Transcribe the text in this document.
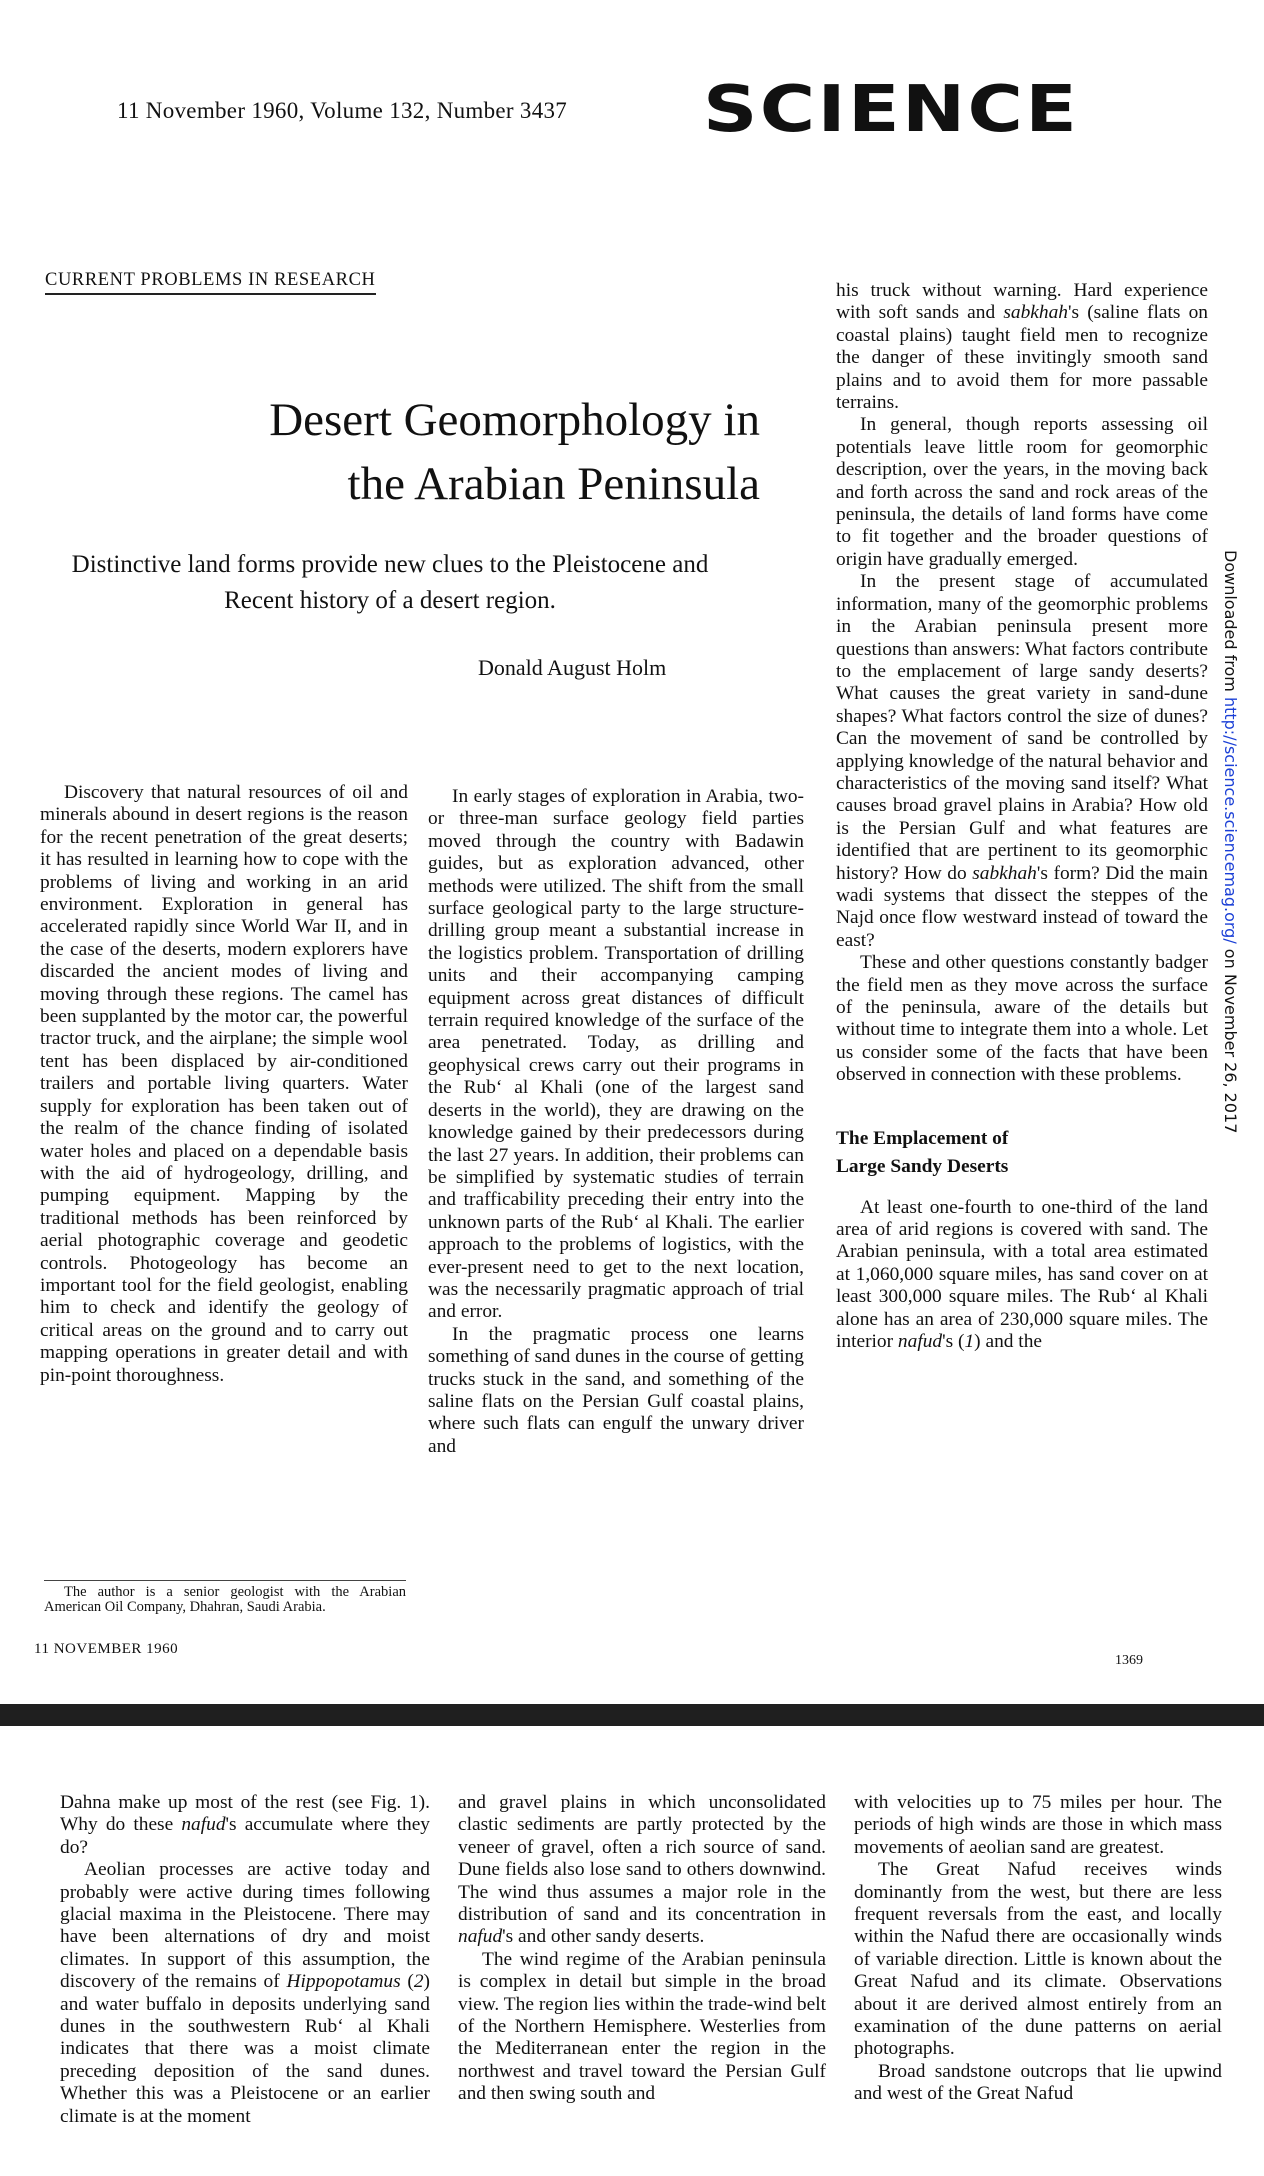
11 November 1960, Volume 132, Number 3437 SCIENCE
CURRENT PROBLEMS IN RESEARCH
Desert Geomorphology in
the Arabian Peninsula
Distinctive land forms provide new clues to the Pleistocene and Recent history of a desert region.
Donald August Holm

Discovery that natural resources of oil and minerals abound in desert regions is the reason for the recent penetration of the great deserts; it has resulted in learning how to cope with the problems of living and working in an arid environment. Exploration in general has accelerated rapidly since World War II, and in the case of the deserts, modern explorers have discarded the ancient modes of living and moving through these regions. The camel has been supplanted by the motor car, the powerful tractor truck, and the airplane; the simple wool tent has been displaced by air-conditioned trailers and portable living quarters. Water supply for exploration has been taken out of the realm of the chance finding of isolated water holes and placed on a dependable basis with the aid of hydrogeology, drilling, and pumping equipment. Mapping by the traditional methods has been reinforced by aerial photographic coverage and geodetic controls. Photogeology has become an important tool for the field geologist, enabling him to check and identify the geology of critical areas on the ground and to carry out mapping operations in greater detail and with pin-point thoroughness.

The author is a senior geologist with the Arabian American Oil Company, Dhahran, Saudi Arabia.
11 NOVEMBER 1960

In early stages of exploration in Arabia, two- or three-man surface geology field parties moved through the country with Badawin guides, but as exploration advanced, other methods were utilized. The shift from the small surface geological party to the large structure-drilling group meant a substantial increase in the logistics problem. Transportation of drilling units and their accompanying camping equipment across great distances of difficult terrain required knowledge of the surface of the area penetrated. Today, as drilling and geophysical crews carry out their programs in the Rub‘ al Khali (one of the largest sand deserts in the world), they are drawing on the knowledge gained by their predecessors during the last 27 years. In addition, their problems can be simplified by systematic studies of terrain and trafficability preceding their entry into the unknown parts of the Rub‘ al Khali. The earlier approach to the problems of logistics, with the ever-present need to get to the next location, was the necessarily pragmatic approach of trial and error.

In the pragmatic process one learns something of sand dunes in the course of getting trucks stuck in the sand, and something of the saline flats on the Persian Gulf coastal plains, where such flats can engulf the unwary driver and

his truck without warning. Hard experience with soft sands and sabkhah's (saline flats on coastal plains) taught field men to recognize the danger of these invitingly smooth sand plains and to avoid them for more passable terrains.

In general, though reports assessing oil potentials leave little room for geomorphic description, over the years, in the moving back and forth across the sand and rock areas of the peninsula, the details of land forms have come to fit together and the broader questions of origin have gradually emerged.

In the present stage of accumulated information, many of the geomorphic problems in the Arabian peninsula present more questions than answers: What factors contribute to the emplacement of large sandy deserts? What causes the great variety in sand-dune shapes? What factors control the size of dunes? Can the movement of sand be controlled by applying knowledge of the natural behavior and characteristics of the moving sand itself? What causes broad gravel plains in Arabia? How old is the Persian Gulf and what features are identified that are pertinent to its geomorphic history? How do sabkhah's form? Did the main wadi systems that dissect the steppes of the Najd once flow westward instead of toward the east?

These and other questions constantly badger the field men as they move across the surface of the peninsula, aware of the details but without time to integrate them into a whole. Let us consider some of the facts that have been observed in connection with these problems.

The Emplacement of
Large Sandy Deserts

At least one-fourth to one-third of the land area of arid regions is covered with sand. The Arabian peninsula, with a total area estimated at 1,060,000 square miles, has sand cover on at least 300,000 square miles. The Rub‘ al Khali alone has an area of 230,000 square miles. The interior nafud's (1) and the

1369
Downloaded from http://science.sciencemag.org/ on November 26, 2017

Dahna make up most of the rest (see Fig. 1). Why do these nafud's accumulate where they do?

Aeolian processes are active today and probably were active during times following glacial maxima in the Pleistocene. There may have been alternations of dry and moist climates. In support of this assumption, the discovery of the remains of Hippopotamus (2) and water buffalo in deposits underlying sand dunes in the southwestern Rub‘ al Khali indicates that there was a moist climate preceding deposition of the sand dunes. Whether this was a Pleistocene or an earlier climate is at the moment

and gravel plains in which unconsolidated clastic sediments are partly protected by the veneer of gravel, often a rich source of sand. Dune fields also lose sand to others downwind. The wind thus assumes a major role in the distribution of sand and its concentration in nafud's and other sandy deserts.

The wind regime of the Arabian peninsula is complex in detail but simple in the broad view. The region lies within the trade-wind belt of the Northern Hemisphere. Westerlies from the Mediterranean enter the region in the northwest and travel toward the Persian Gulf and then swing south and

with velocities up to 75 miles per hour. The periods of high winds are those in which mass movements of aeolian sand are greatest.

The Great Nafud receives winds dominantly from the west, but there are less frequent reversals from the east, and locally within the Nafud there are occasionally winds of variable direction. Little is known about the Great Nafud and its climate. Observations about it are derived almost entirely from an examination of the dune patterns on aerial photographs.

Broad sandstone outcrops that lie upwind and west of the Great Nafud
